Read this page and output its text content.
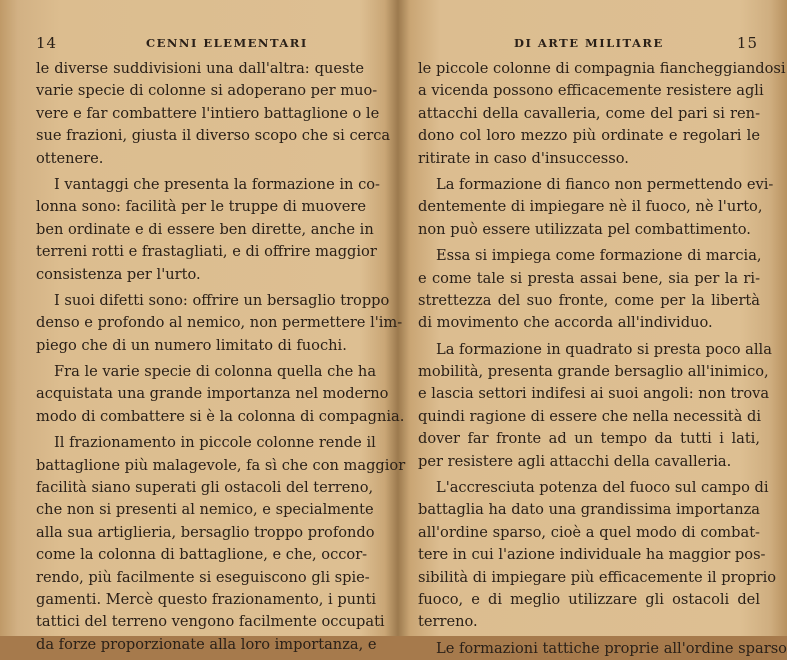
14	CENNI ELEMENTARI
le diverse suddivisioni una dall'altra: queste
varie specie di colonne si adoperano per muo-
vere e far combattere l'intiero battaglione o le
sue frazioni, giusta il diverso scopo che si cerca
ottenere.
I vantaggi che presenta la formazione in co-
lonna sono: facilità per le truppe di muovere
ben ordinate e di essere ben dirette, anche in
terreni rotti e frastagliati, e di offrire maggior
consistenza per l'urto.
I suoi difetti sono: offrire un bersaglio troppo
denso e profondo al nemico, non permettere l'im-
piego che di un numero limitato di fuochi.
Fra le varie specie di colonna quella che ha
acquistata una grande importanza nel moderno
modo di combattere si è la colonna di compagnia.
Il frazionamento in piccole colonne rende il
battaglione più malagevole, fa sì che con maggior
facilità siano superati gli ostacoli del terreno,
che non si presenti al nemico, e specialmente
alla sua artiglieria, bersaglio troppo profondo
come la colonna di battaglione, e che, occor-
rendo, più facilmente si eseguiscono gli spie-
gamenti. Mercè questo frazionamento, i punti
tattici del terreno vengono facilmente occupati
da forze proporzionate alla loro importanza, e
DI ARTE MILITARE	15
le piccole colonne di compagnia fiancheggiandosi
a vicenda possono efficacemente resistere agli
attacchi della cavalleria, come del pari si ren-
dono col loro mezzo più ordinate e regolari le
ritirate in caso d'insuccesso.
La formazione di fianco non permettendo evi-
dentemente di impiegare nè il fuoco, nè l'urto,
non può essere utilizzata pel combattimento.
Essa si impiega come formazione di marcia,
e come tale si presta assai bene, sia per la ri-
strettezza del suo fronte, come per la libertà
di movimento che accorda all'individuo.
La formazione in quadrato si presta poco alla
mobilità, presenta grande bersaglio all'inimico,
e lascia settori indifesi ai suoi angoli: non trova
quindi ragione di essere che nella necessità di
dover far fronte ad un tempo da tutti i lati,
per resistere agli attacchi della cavalleria.
L'accresciuta potenza del fuoco sul campo di
battaglia ha dato una grandissima importanza
all'ordine sparso, cioè a quel modo di combat-
tere in cui l'azione individuale ha maggior pos-
sibilità di impiegare più efficacemente il proprio
fuoco, e di meglio utilizzare gli ostacoli del
terreno.
Le formazioni tattiche proprie all'ordine sparso
